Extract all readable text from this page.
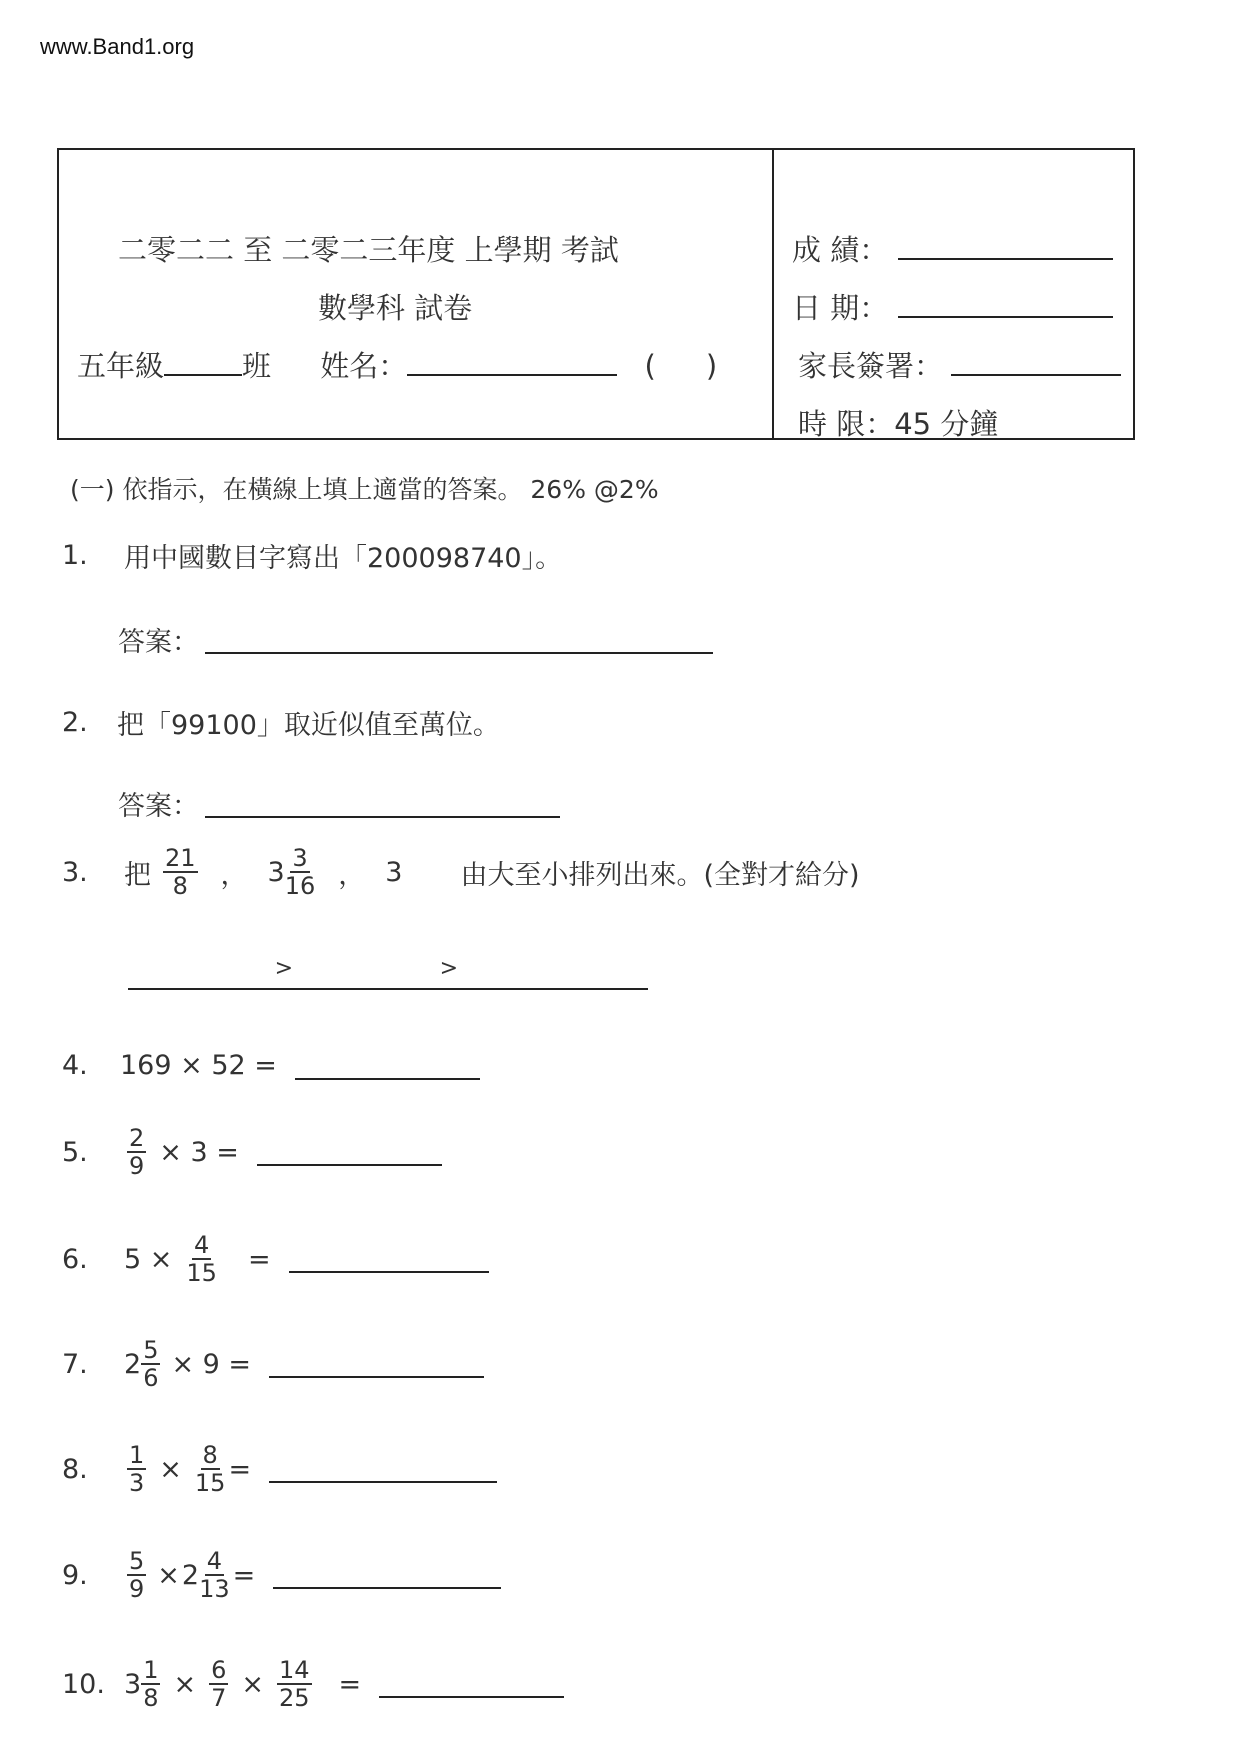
www.Band1.org
二零二二 至 二零二三年度 上學期 考試
數學科 試卷
五年級	班 姓名：	( )
成 績：
日 期：
家長簽署：
時 限：45 分鐘
(一) 依指示，在橫線上填上適當的答案。 26% @2%
1.	用中國數目字寫出「200098740」。
答案：
2.	把「99100」取近似值至萬位。
答案：
3.	把 $\frac{21}{8}$ ， $3 \frac{3}{16}$ ， 3 由大至小排列出來。(全對才給分)
>	>
4.	169 × 52 =
5.	$\frac{2}{9} \times 3$ =
6.	$5 \times \frac{4}{15}$ =
7.	$2 \frac{5}{6} \times 9$ =
8.	$\frac{1}{3} \times \frac{8}{15}$ =
9.	$\frac{5}{9} \times 2 \frac{4}{13}$ =
10. $3 \frac{1}{8} \times \frac{6}{7} \times \frac{14}{25}$ =
